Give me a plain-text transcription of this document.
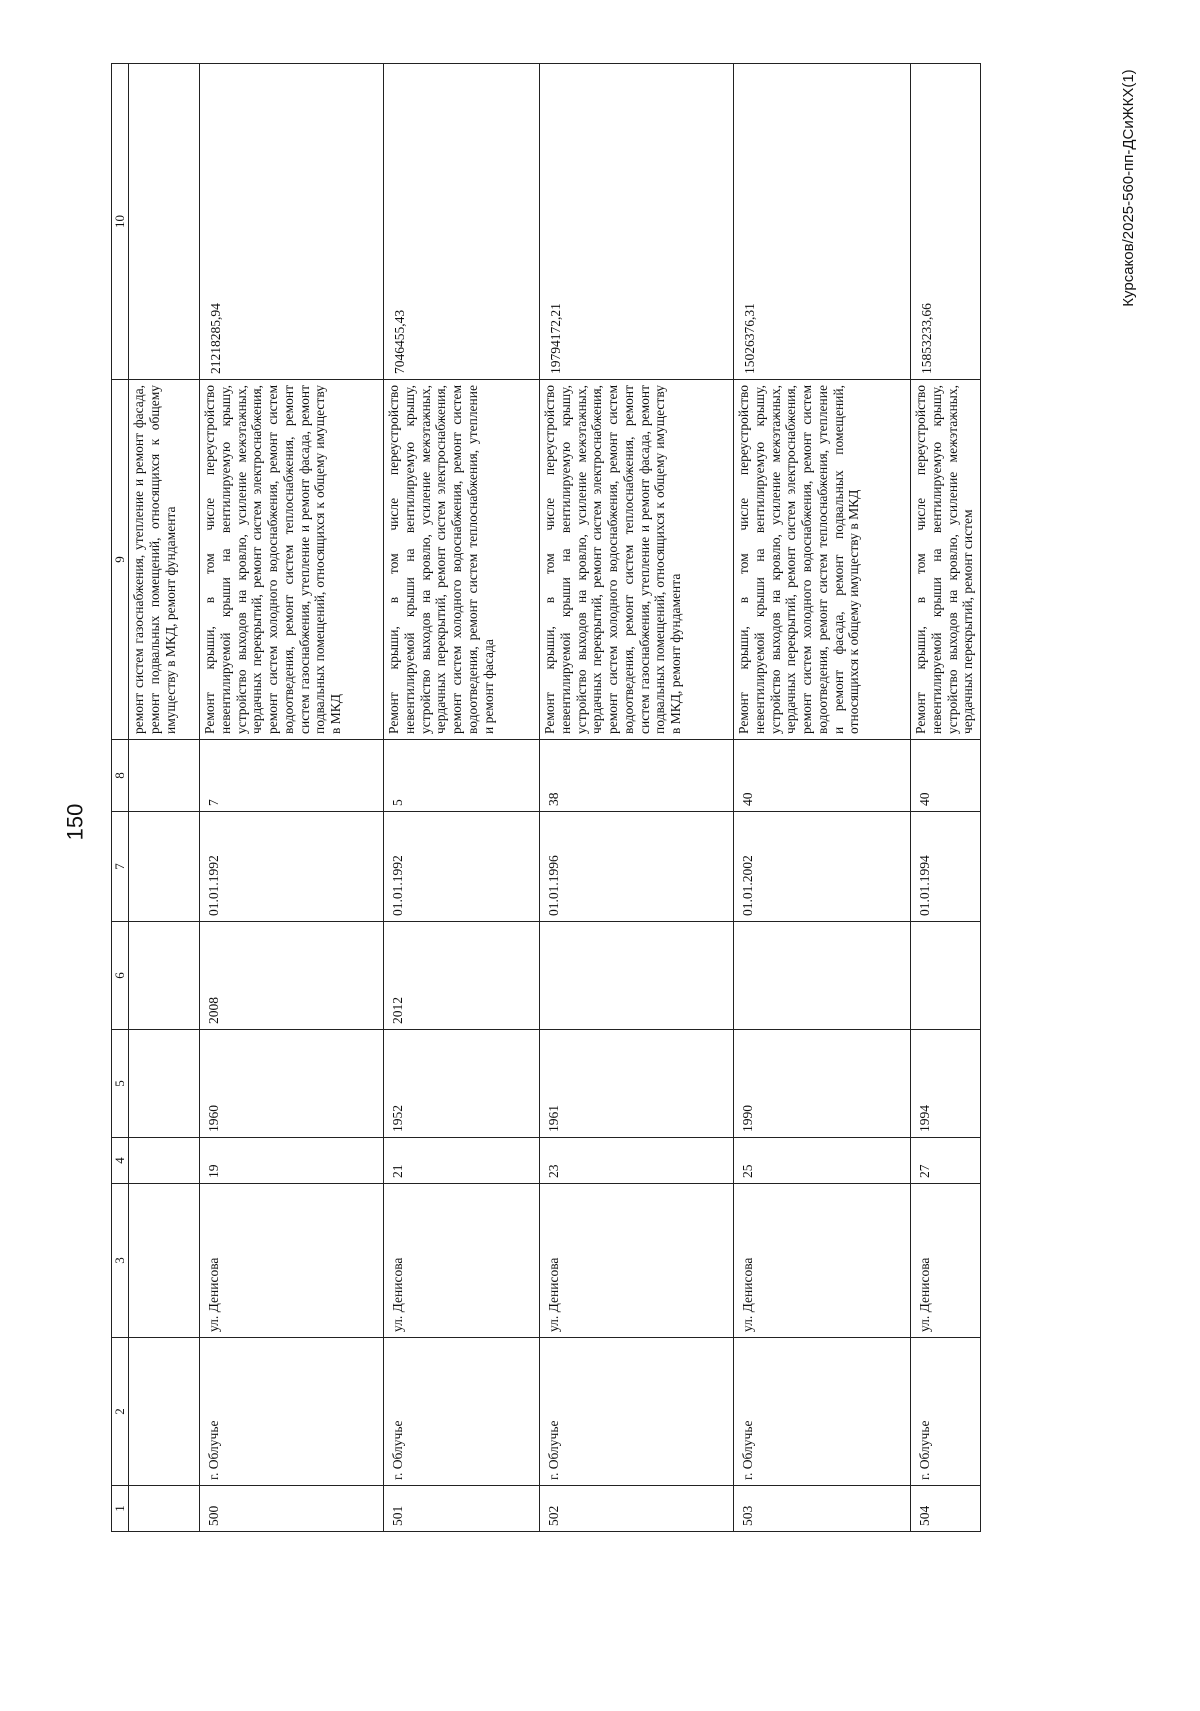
150
Курсаков/2025-560-пп-ДСиЖКХ(1)
1	2	3	4	5	6	7	8	9	10
								ремонт систем газоснабжения, утепление и ремонт фасада, ремонт подвальных помещений, относящихся к общему имуществу в МКД, ремонт фундамента	
500	г. Облучье	ул. Денисова	19	1960	2008	01.01.1992	7	Ремонт крыши, в том числе переустройство невентилируемой крыши на вентилируемую крышу, устройство выходов на кровлю, усиление межэтажных, чердачных перекрытий, ремонт систем электроснабжения, ремонт систем холодного водоснабжения, ремонт систем водоотведения, ремонт систем теплоснабжения, ремонт систем газоснабжения, утепление и ремонт фасада, ремонт подвальных помещений, относящихся к общему имуществу в МКД	21218285,94
501	г. Облучье	ул. Денисова	21	1952	2012	01.01.1992	5	Ремонт крыши, в том числе переустройство невентилируемой крыши на вентилируемую крышу, устройство выходов на кровлю, усиление межэтажных, чердачных перекрытий, ремонт систем электроснабжения, ремонт систем холодного водоснабжения, ремонт систем водоотведения, ремонт систем теплоснабжения, утепление и ремонт фасада	7046455,43
502	г. Облучье	ул. Денисова	23	1961		01.01.1996	38	Ремонт крыши, в том числе переустройство невентилируемой крыши на вентилируемую крышу, устройство выходов на кровлю, усиление межэтажных, чердачных перекрытий, ремонт систем электроснабжения, ремонт систем холодного водоснабжения, ремонт систем водоотведения, ремонт систем теплоснабжения, ремонт систем газоснабжения, утепление и ремонт фасада, ремонт подвальных помещений, относящихся к общему имуществу в МКД, ремонт фундамента	19794172,21
503	г. Облучье	ул. Денисова	25	1990		01.01.2002	40	Ремонт крыши, в том числе переустройство невентилируемой крыши на вентилируемую крышу, устройство выходов на кровлю, усиление межэтажных, чердачных перекрытий, ремонт систем электроснабжения, ремонт систем холодного водоснабжения, ремонт систем водоотведения, ремонт систем теплоснабжения, утепление и ремонт фасада, ремонт подвальных помещений, относящихся к общему имуществу в МКД	15026376,31
504	г. Облучье	ул. Денисова	27	1994		01.01.1994	40	Ремонт крыши, в том числе переустройство невентилируемой крыши на вентилируемую крышу, устройство выходов на кровлю, усиление межэтажных, чердачных перекрытий, ремонт систем	15853233,66
